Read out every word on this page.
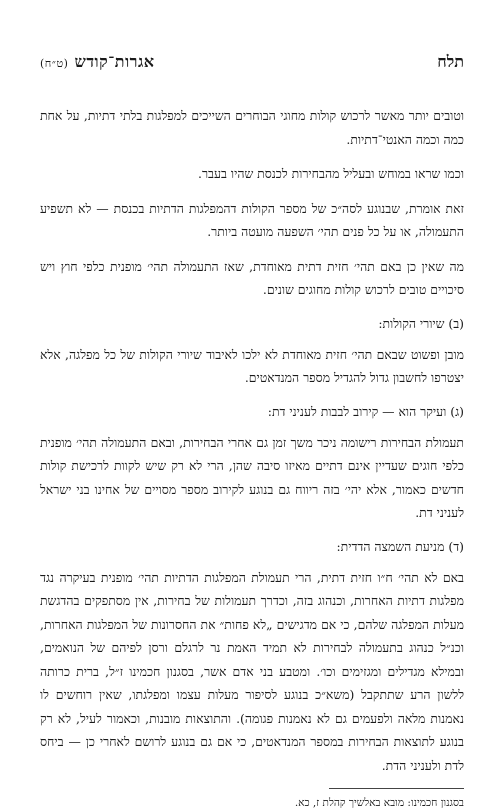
תלח
אגרות־קודש (ט״ח)

וטובים יותר מאשר לרכוש קולות מחוגי הבוחרים השייכים למפלגות בלתי דתיות, על אחת כמה וכמה האנטי־דתיות.

וכמו שראו במוחש ובעליל מהבחירות לכנסת שהיו בעבר.

זאת אומרת, שבנוגע לסה״כ של מספר הקולות דהמפלגות הדתיות בכנסת — לא תשפיע התעמולה, או על כל פנים תהי׳ השפעה מועטה ביותר.

מה שאין כן באם תהי׳ חזית דתית מאוחדת, שאז התעמולה תהי׳ מופנית כלפי חוץ ויש סיכויים טובים לרכוש קולות מחוגים שונים.

(ב) שיורי הקולות:

מובן ופשוט שבאם תהי׳ חזית מאוחדת לא ילכו לאיבוד שיורי הקולות של כל מפלגה, אלא יצטרפו לחשבון גדול להגדיל מספר המנדאטים.

(ג) ועיקר הוא — קירוב לבבות לעניני דת:

תעמולת הבחירות רישומה ניכר משך זמן גם אחרי הבחירות, ובאם התעמולה תהי׳ מופנית כלפי חוגים שעדיין אינם דתיים מאיזו סיבה שהן, הרי לא רק שיש לקוות לרכישת קולות חדשים כאמור, אלא יהי׳ בזה ריווח גם בנוגע לקירוב מספר מסויים של אחינו בני ישראל לעניני דת.

(ד) מניעת השמצה הדדית:

באם לא תהי׳ ח״ו חזית דתית, הרי תעמולת המפלגות הדתיות תהי׳ מופנית בעיקרה נגד מפלגות דתיות האחרות, וכנהוג בזה, וכדרך תעמולות של בחירות, אין מסתפקים בהדגשת מעלות המפלגה שלהם, כי אם מדגישים „לא פחות״ את החסרונות של המפלגות האחרות, וכנ״ל כנהוג בתעמולה לבחירות לא תמיד האמת נר לרגלם ורסן לפיהם של הנואמים, ובמילא מגדילים ומגזימים וכו׳. ומטבע בני אדם אשר, בסגנון חכמינו ז״ל, ברית כרותה ללשון הרע שתתקבל (משא״כ בנוגע לסיפור מעלות עצמו ומפלגתו, שאין רוחשים לו נאמנות מלאה ולפעמים גם לא נאמנות פגומה). והתוצאות מובנות, וכאמור לעיל, לא רק בנוגע לתוצאות הבחירות במספר המנדאטים, כי אם גם בנוגע לרושם לאחרי כן — ביחס לדת ולעניני הדת.

בסגנון חכמינו: מובא באלשיך קהלת ז, כא.
